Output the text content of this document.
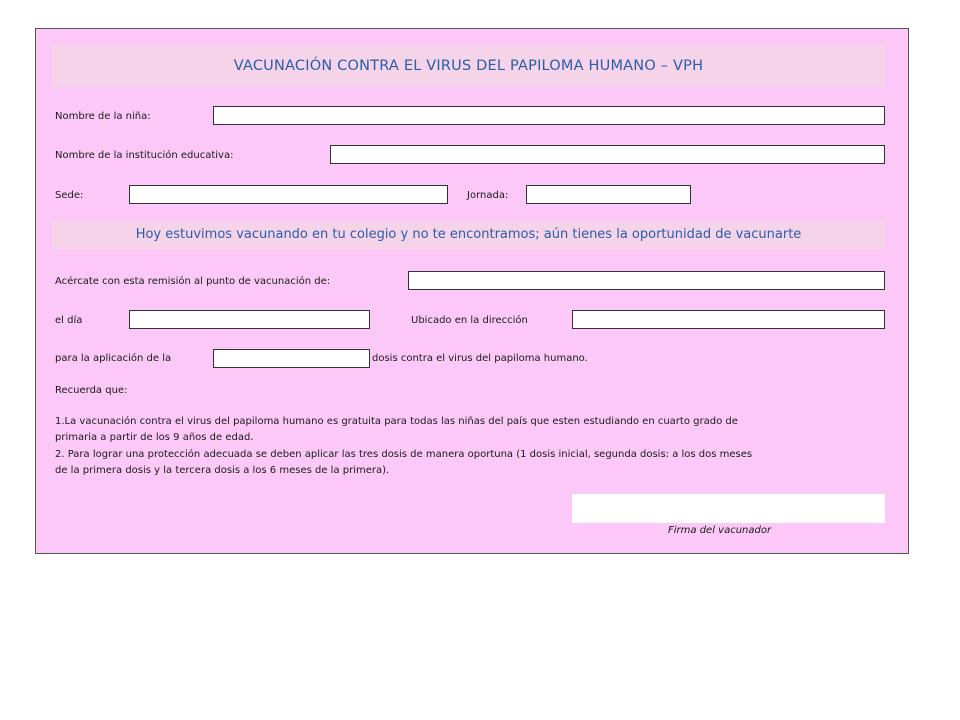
VACUNACIÓN CONTRA EL VIRUS DEL PAPILOMA HUMANO – VPH
Nombre de la niña:
Nombre de la institución educativa:
Sede:	Jornada:
Hoy estuvimos vacunando en tu colegio y no te encontramos; aún tienes la oportunidad de vacunarte
Acércate con esta remisión al punto de vacunación de:
el día	Ubicado en la dirección
para la aplicación de la	dosis contra el virus del papiloma humano.
Recuerda que:

1.La vacunación contra el virus del papiloma humano es gratuita para todas las niñas del país que esten estudiando en cuarto grado de
primaria a partir de los 9 años de edad.

2. Para lograr una protección adecuada se deben aplicar las tres dosis de manera oportuna (1 dosis inicial, segunda dosis: a los dos meses
de la primera dosis y la tercera dosis a los 6 meses de la primera).

Firma del vacunador
